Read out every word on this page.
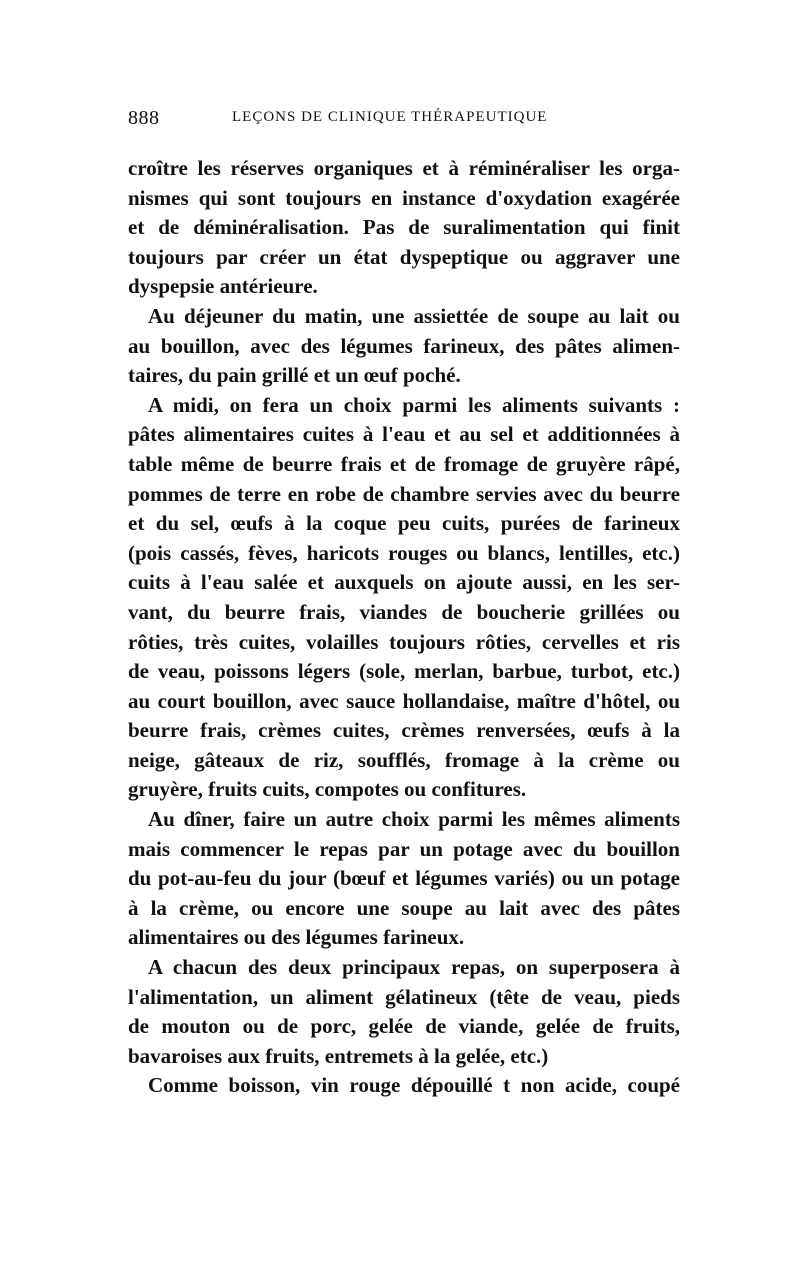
888	LEÇONS DE CLINIQUE THÉRAPEUTIQUE
croître les réserves organiques et à réminéraliser les orga-
nismes qui sont toujours en instance d'oxydation exagérée
et de déminéralisation. Pas de suralimentation qui finit
toujours par créer un état dyspeptique ou aggraver une
dyspepsie antérieure.
Au déjeuner du matin, une assiettée de soupe au lait ou
au bouillon, avec des légumes farineux, des pâtes alimen-
taires, du pain grillé et un œuf poché.
A midi, on fera un choix parmi les aliments suivants :
pâtes alimentaires cuites à l'eau et au sel et additionnées à
table même de beurre frais et de fromage de gruyère râpé,
pommes de terre en robe de chambre servies avec du beurre
et du sel, œufs à la coque peu cuits, purées de farineux
(pois cassés, fèves, haricots rouges ou blancs, lentilles, etc.)
cuits à l'eau salée et auxquels on ajoute aussi, en les ser-
vant, du beurre frais, viandes de boucherie grillées ou
rôties, très cuites, volailles toujours rôties, cervelles et ris
de veau, poissons légers (sole, merlan, barbue, turbot, etc.)
au court bouillon, avec sauce hollandaise, maître d'hôtel, ou
beurre frais, crèmes cuites, crèmes renversées, œufs à la
neige, gâteaux de riz, soufflés, fromage à la crème ou
gruyère, fruits cuits, compotes ou confitures.
Au dîner, faire un autre choix parmi les mêmes aliments
mais commencer le repas par un potage avec du bouillon
du pot-au-feu du jour (bœuf et légumes variés) ou un potage
à la crème, ou encore une soupe au lait avec des pâtes
alimentaires ou des légumes farineux.
A chacun des deux principaux repas, on superposera à
l'alimentation, un aliment gélatineux (tête de veau, pieds
de mouton ou de porc, gelée de viande, gelée de fruits,
bavaroises aux fruits, entremets à la gelée, etc.)
Comme boisson, vin rouge dépouillé t non acide, coupé
